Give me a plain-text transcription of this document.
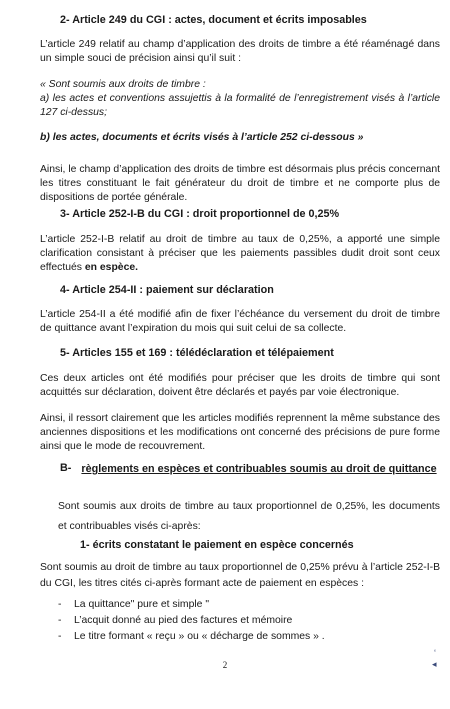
2- Article 249 du CGI : actes, document et écrits imposables

L’article 249 relatif au champ d’application des droits de timbre a été réaménagé dans un simple souci de précision ainsi qu’il suit :

« Sont soumis aux droits de timbre :

a) les actes et conventions assujettis à la formalité de l’enregistrement visés à l’article 127 ci-dessus;

b) les actes, documents et écrits visés à l’article 252 ci-dessous »

Ainsi, le champ d’application des droits de timbre est désormais plus précis concernant les titres constituant le fait générateur du droit de timbre et ne comporte plus de dispositions de portée générale.

3- Article 252-I-B du CGI : droit proportionnel de 0,25%

L’article 252-I-B relatif au droit de timbre au taux de 0,25%, a apporté une simple clarification consistant à préciser que les paiements passibles dudit droit sont ceux effectués en espèce.

4- Article 254-II : paiement sur déclaration

L’article 254-II a été modifié afin de fixer l’échéance du versement du droit de timbre de quittance avant l’expiration du mois qui suit celui de sa collecte.

5- Articles 155 et 169 : télédéclaration et télépaiement

Ces deux articles ont été modifiés pour préciser que les droits de timbre qui sont acquittés sur déclaration, doivent être déclarés et payés par voie électronique.

Ainsi, il ressort clairement que les articles modifiés reprennent la même substance des anciennes dispositions et les modifications ont concerné des précisions de pure forme ainsi que le mode de recouvrement.

B- règlements en espèces et contribuables soumis au droit de quittance

Sont soumis aux droits de timbre au taux proportionnel de 0,25%, les documents et contribuables visés ci-après:

1- écrits constatant le paiement en espèce concernés

Sont soumis au droit de timbre au taux proportionnel de 0,25% prévu à l’article 252-I-B du CGI, les titres cités ci-après formant acte de paiement en espèces :

- La quittance" pure et simple "
- L’acquit donné au pied des factures et mémoire
- Le titre formant « reçu » ou « décharge de sommes » .
2
‘
◂
